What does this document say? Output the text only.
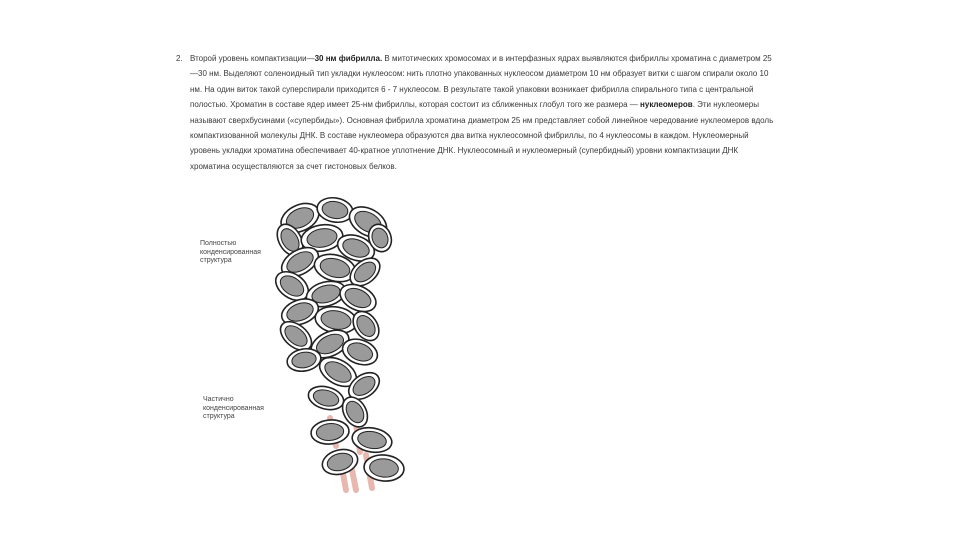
2. Второй уровень компактизации—30 нм фибрилла. В митотических хромосомах и в интерфазных ядрах выявляются фибриллы хроматина с диаметром 25—30 нм. Выделяют соленоидный тип укладки нуклеосом: нить плотно упакованных нуклеосом диаметром 10 нм образует витки с шагом спирали около 10 нм. На один виток такой суперспирали приходится 6 - 7 нуклеосом. В результате такой упаковки возникает фибрилла спирального типа с центральной полостью. Хроматин в составе ядер имеет 25-нм фибриллы, которая состоит из сближенных глобул того же размера — нуклеомеров. Эти нуклеомеры называют сверхбусинами («супербиды»). Основная фибрилла хроматина диаметром 25 нм представляет собой линейное чередование нуклеомеров вдоль компактизованной молекулы ДНК. В составе нуклеомера образуются два витка нуклеосомной фибриллы, по 4 нуклеосомы в каждом. Нуклеомерный уровень укладки хроматина обеспечивает 40-кратное уплотнение ДНК. Нуклеосомный и нуклеомерный (супербидный) уровни компактизации ДНК хроматина осуществляются за счет гистоновых белков.

Полностью конденсированная структура
Частично конденсированная структура
